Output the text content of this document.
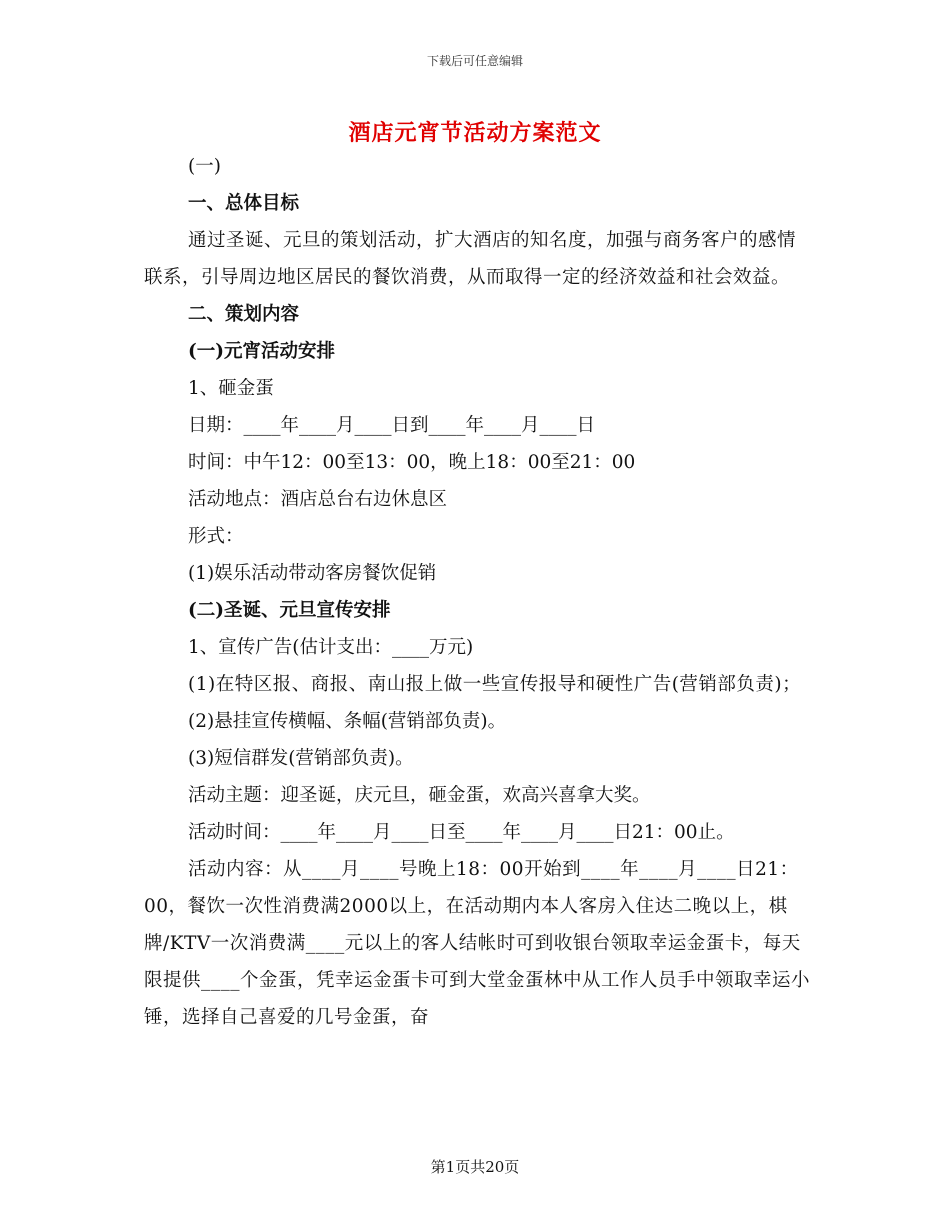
下载后可任意编辑
酒店元宵节活动方案范文

(一)

一、总体目标

通过圣诞、元旦的策划活动，扩大酒店的知名度，加强与商务客户的感情联系，引导周边地区居民的餐饮消费，从而取得一定的经济效益和社会效益。

二、策划内容

(一)元宵活动安排

1、砸金蛋

日期：____年____月____日到____年____月____日

时间：中午12：00至13：00，晚上18：00至21：00

活动地点：酒店总台右边休息区

形式：

(1)娱乐活动带动客房餐饮促销

(二)圣诞、元旦宣传安排

1、宣传广告(估计支出：____万元)

(1)在特区报、商报、南山报上做一些宣传报导和硬性广告(营销部负责)；

(2)悬挂宣传横幅、条幅(营销部负责)。

(3)短信群发(营销部负责)。

活动主题：迎圣诞，庆元旦，砸金蛋，欢高兴喜拿大奖。

活动时间：____年____月____日至____年____月____日21：00止。

活动内容：从____月____号晚上18：00开始到____年____月____日21：00，餐饮一次性消费满2000以上，在活动期内本人客房入住达二晚以上，棋牌/KTV一次消费满____元以上的客人结帐时可到收银台领取幸运金蛋卡，每天限提供____个金蛋，凭幸运金蛋卡可到大堂金蛋林中从工作人员手中领取幸运小锤，选择自己喜爱的几号金蛋，奋

第1页共20页
